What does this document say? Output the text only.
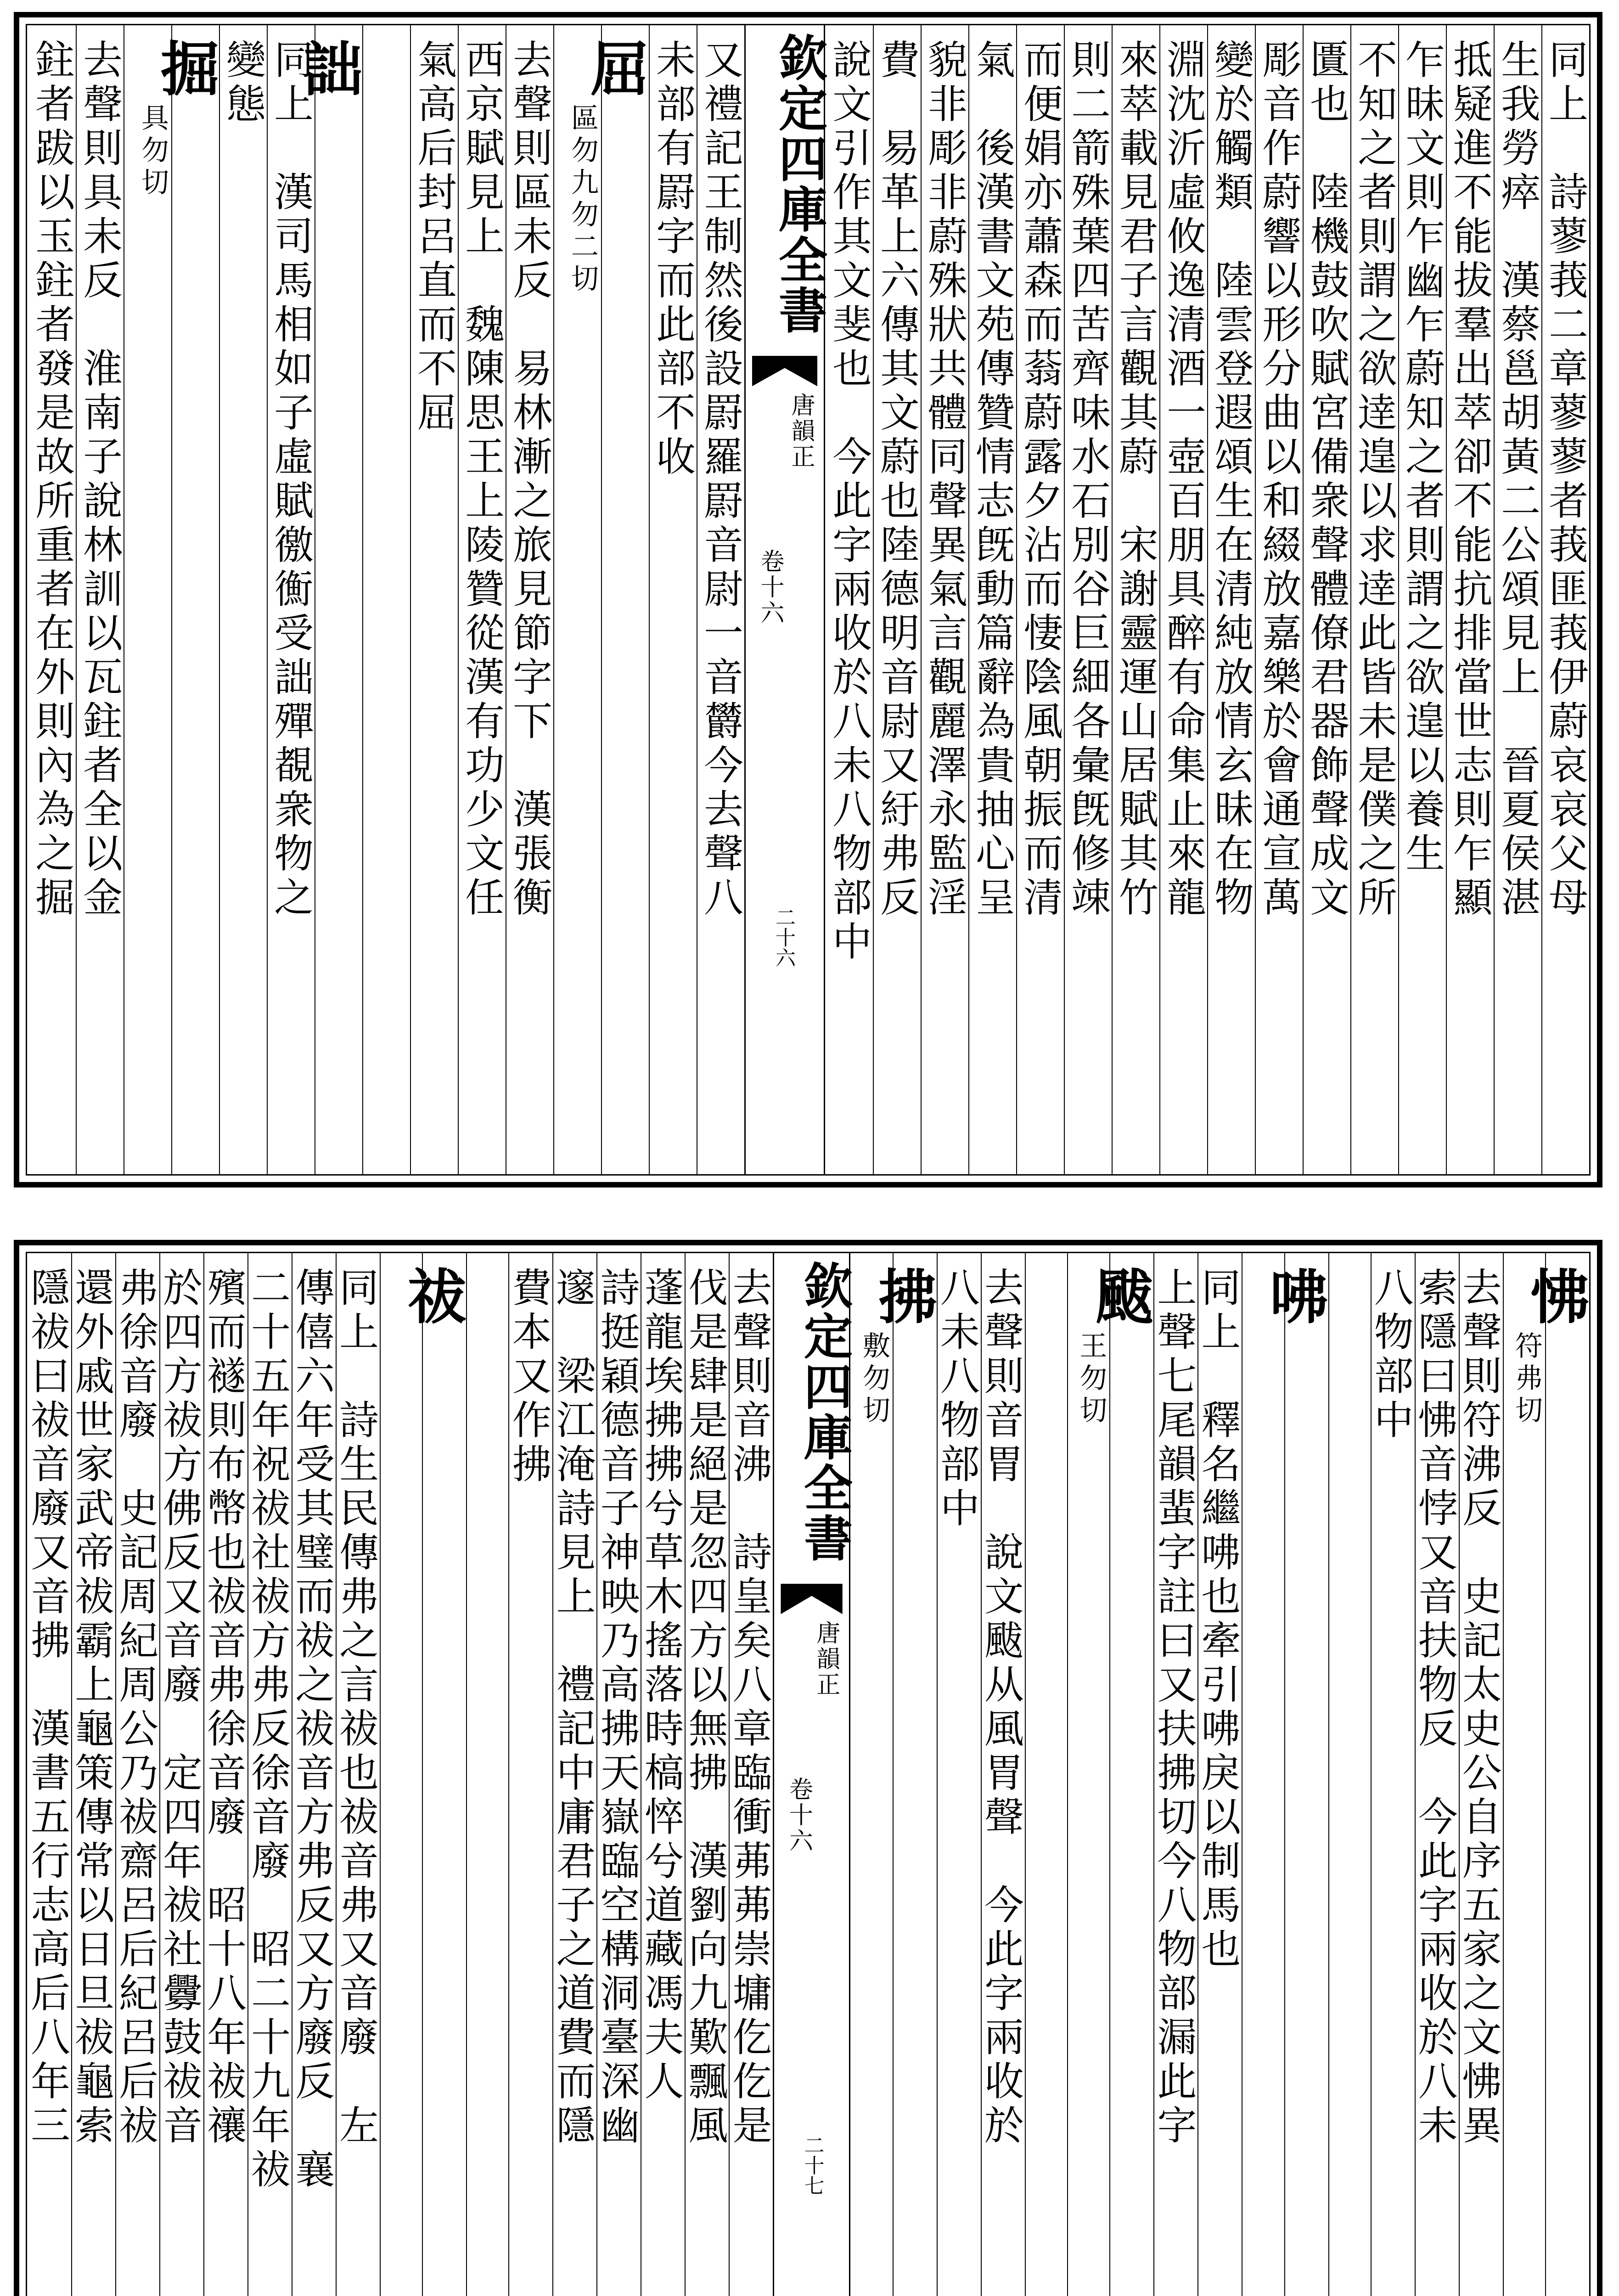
同上　詩蓼莪二章蓼蓼者莪匪莪伊蔚哀哀父母
生我勞瘁　漢蔡邕胡黃二公頌見上　晉夏侯湛
抵疑進不能拔羣出萃卻不能抗排當世志則乍顯
乍昧文則乍幽乍蔚知之者則謂之欲遑以養生
不知之者則謂之欲逹遑以求逹此皆未是僕之所
匱也　陸機鼓吹賦宮備衆聲體僚君器飾聲成文
彫音作蔚響以形分曲以和綴放嘉樂於會通宣萬
變於觸類　陸雲登遐頌生在清純放情玄昧在物
淵沈沂虛攸逸清酒一壺百朋具醉有命集止來龍
來萃載見君子言觀其蔚　宋謝靈運山居賦其竹
則二箭殊葉四苦齊味水石別谷巨細各彙旣修竦
而便娟亦蕭森而蓊蔚露夕沾而悽陰風朝振而清
氣　後漢書文苑傳贊情志旣動篇辭為貴抽心呈
貌非彫非蔚殊狀共體同聲異氣言觀麗澤永監淫
費　易革上六傳其文蔚也陸德明音尉又紆弗反
說文引作其文斐也　今此字兩收於八未八物部中
欽定四庫全書
唐韻正
卷十六
二十六
又禮記王制然後設罻羅罻音尉一音欝今去聲八
未部有罻字而此部不收
屈
區勿九勿二切
去聲則區未反　易林漸之旅見節字下　漢張衡
西京賦見上　魏陳思王上陵贊從漢有功少文任
氣高后封呂直而不屈
詘
同上　漢司馬相如子虛賦徼𢖍受詘殫覩衆物之
變態
掘
具勿切
去聲則具未反　淮南子說林訓以瓦鉒者全以金
鉒者跋以玉鉒者發是故所重者在外則內為之掘
怫
符弗切
去聲則符沸反　史記太史公自序五家之文怫異
索隱曰怫音悖又音扶物反　今此字兩收於八未
八物部中
咈
同上　釋名繼咈也牽引咈戾以制馬也
上聲七尾韻蜚字註曰又扶拂切今八物部漏此字
颰
王勿切
去聲則音胃　說文颰从風胃聲　今此字兩收於
八未八物部中
拂
敷勿切
欽定四庫全書
唐韻正
卷十六
二十七
去聲則音沸　詩皇矣八章臨衝茀茀崇墉仡仡是
伐是肆是絕是忽四方以無拂　漢劉向九歎飄風
蓬龍埃拂拂兮草木搖落時槁悴兮道藏馮夫人
詩挺穎德音子神映乃高拂天嶽臨空構洞臺深幽
邃　梁江淹詩見上　禮記中庸君子之道費而隱
費本又作拂
祓
同上　詩生民傳弗之言祓也祓音弗又音廢　左
傳僖六年受其璧而祓之祓音方弗反又方廢反　襄
二十五年祝祓社祓方弗反徐音廢　昭二十九年祓
殯而襚則布幣也祓音弗徐音廢　昭十八年祓禳
於四方祓方佛反又音廢　定四年祓社釁鼓祓音
弗徐音廢　史記周紀周公乃祓齋呂后紀呂后祓
還外戚世家武帝祓霸上龜策傳常以日旦祓龜索
隱祓曰祓音廢又音拂　漢書五行志高后八年三
